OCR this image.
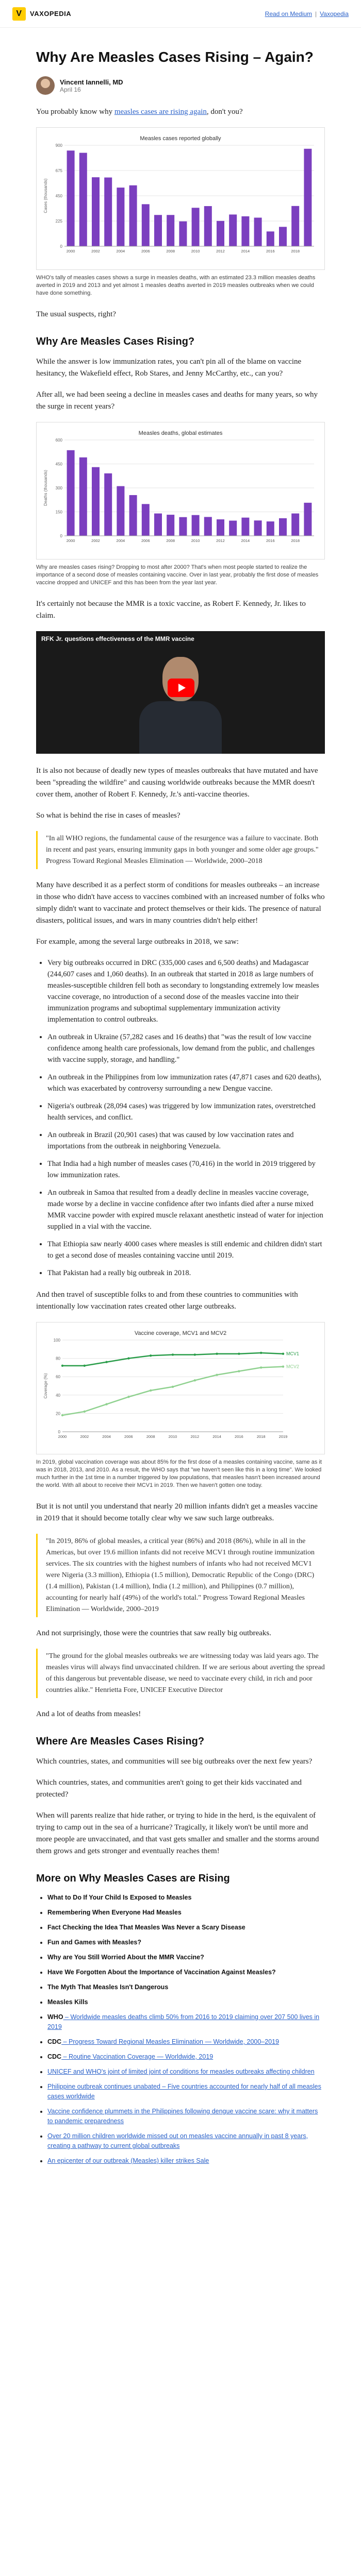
V	VAXOPEDIA	Read on Medium | Vaxopedia
Why Are Measles Cases Rising – Again?
Vincent Iannelli, MD
April 16

You probably know why measles cases are rising again, don't you?

Measles cases reported globally
0
225
450
675
900
Cases (thousands)
2000	2002	2004	2006	2008	2010	2012	2014	2016	2018
WHO's tally of measles cases shows a surge in measles deaths, with an estimated 23.3 million measles deaths averted in 2019 and 2013 and yet almost 1 measles deaths averted in 2019 measles outbreaks when we could have done something.

The usual suspects, right?

Why Are Measles Cases Rising?

While the answer is low immunization rates, you can't pin all of the blame on vaccine hesitancy, the Wakefield effect, Rob Stares, and Jenny McCarthy, etc., can you?

After all, we had been seeing a decline in measles cases and deaths for many years, so why the surge in recent years?

Measles deaths, global estimates
0
150
300
450
600
Deaths (thousands)
2000	2002	2004	2006	2008	2010	2012	2014	2016	2018
Why are measles cases rising? Dropping to most after 2000? That's when most people started to realize the importance of a second dose of measles containing vaccine. Over in last year, probably the first dose of measles vaccine dropped and UNICEF and this has been from the year last year.

It's certainly not because the MMR is a toxic vaccine, as Robert F. Kennedy, Jr. likes to claim.

RFK Jr. questions effectiveness of the MMR vaccine

It is also not because of deadly new types of measles outbreaks that have mutated and have been "spreading the wildfire" and causing worldwide outbreaks because the MMR doesn't cover them, another of Robert F. Kennedy, Jr.'s anti-vaccine theories.

So what is behind the rise in cases of measles?

"In all WHO regions, the fundamental cause of the resurgence was a failure to vaccinate. Both in recent and past years, ensuring immunity gaps in both younger and some older age groups." Progress Toward Regional Measles Elimination — Worldwide, 2000–2018

Many have described it as a perfect storm of conditions for measles outbreaks – an increase in those who didn't have access to vaccines combined with an increased number of folks who simply didn't want to vaccinate and protect themselves or their kids. The presence of natural disasters, political issues, and wars in many countries didn't help either!

For example, among the several large outbreaks in 2018, we saw:

• Very big outbreaks occurred in DRC (335,000 cases and 6,500 deaths) and Madagascar (244,607 cases and 1,060 deaths). In an outbreak that started in 2018 as large numbers of measles-susceptible children fell both as secondary to longstanding extremely low measles vaccine coverage, no introduction of a second dose of the measles vaccine into their immunization programs and suboptimal supplementary immunization activity implementation to control outbreaks.
• An outbreak in Ukraine (57,282 cases and 16 deaths) that "was the result of low vaccine confidence among health care professionals, low demand from the public, and challenges with vaccine supply, storage, and handling."
• An outbreak in the Philippines from low immunization rates (47,871 cases and 620 deaths), which was exacerbated by controversy surrounding a new Dengue vaccine.
• Nigeria's outbreak (28,094 cases) was triggered by low immunization rates, overstretched health services, and conflict.
• An outbreak in Brazil (20,901 cases) that was caused by low vaccination rates and importations from the outbreak in neighboring Venezuela.
• That India had a high number of measles cases (70,416) in the world in 2019 triggered by low immunization rates.
• An outbreak in Samoa that resulted from a deadly decline in measles vaccine coverage, made worse by a decline in vaccine confidence after two infants died after a nurse mixed MMR vaccine powder with expired muscle relaxant anesthetic instead of water for injection supplied in a vial with the vaccine.
• That Ethiopia saw nearly 4000 cases where measles is still endemic and children didn't start to get a second dose of measles containing vaccine until 2019.
• That Pakistan had a really big outbreak in 2018.

And then travel of susceptible folks to and from these countries to communities with intentionally low vaccination rates created other large outbreaks.

Vaccine coverage, MCV1 and MCV2
0
20
40
60
80
100
Coverage (%)
2000	2002	2004	2006	2008	2010	2012	2014	2016	2018	2019
MCV1
MCV2
In 2019, global vaccination coverage was about 85% for the first dose of a measles containing vaccine, same as it was in 2018, 2013, and 2010. As a result, the WHO says that "we haven't seen like this in a long time". We looked much further in the 1st time in a number triggered by low populations, that measles hasn't been increased around the world. With all about to receive their MCV1 in 2019. Then we haven't gotten one today.

But it is not until you understand that nearly 20 million infants didn't get a measles vaccine in 2019 that it should become totally clear why we saw such large outbreaks.

"In 2019, 86% of global measles, a critical year (86%) and 2018 (86%), while in all in the Americas, but over 19.6 million infants did not receive MCV1 through routine immunization services. The six countries with the highest numbers of infants who had not received MCV1 were Nigeria (3.3 million), Ethiopia (1.5 million), Democratic Republic of the Congo (DRC) (1.4 million), Pakistan (1.4 million), India (1.2 million), and Philippines (0.7 million), accounting for nearly half (49%) of the world's total." Progress Toward Regional Measles Elimination — Worldwide, 2000–2019

And not surprisingly, those were the countries that saw really big outbreaks.

"The ground for the global measles outbreaks we are witnessing today was laid years ago. The measles virus will always find unvaccinated children. If we are serious about averting the spread of this dangerous but preventable disease, we need to vaccinate every child, in rich and poor countries alike." Henrietta Fore, UNICEF Executive Director

And a lot of deaths from measles!

Where Are Measles Cases Rising?

Which countries, states, and communities will see big outbreaks over the next few years?

Which countries, states, and communities aren't going to get their kids vaccinated and protected?

When will parents realize that hide rather, or trying to hide in the herd, is the equivalent of trying to camp out in the sea of a hurricane? Tragically, it likely won't be until more and more people are unvaccinated, and that vast gets smaller and smaller and the storms around them grows and gets stronger and eventually reaches them!

More on Why Measles Cases are Rising
• What to Do If Your Child Is Exposed to Measles
• Remembering When Everyone Had Measles
• Fact Checking the Idea That Measles Was Never a Scary Disease
• Fun and Games with Measles?
• Why are You Still Worried About the MMR Vaccine?
• Have We Forgotten About the Importance of Vaccination Against Measles?
• The Myth That Measles Isn't Dangerous
• Measles Kills
• WHO – Worldwide measles deaths climb 50% from 2016 to 2019 claiming over 207 500 lives in 2019
• CDC – Progress Toward Regional Measles Elimination — Worldwide, 2000–2019
• CDC – Routine Vaccination Coverage — Worldwide, 2019
• UNICEF and WHO's joint of limited joint of conditions for measles outbreaks affecting children
• Philippine outbreak continues unabated – Five countries accounted for nearly half of all measles cases worldwide
• Vaccine confidence plummets in the Philippines following dengue vaccine scare: why it matters to pandemic preparedness
• Over 20 million children worldwide missed out on measles vaccine annually in past 8 years, creating a pathway to current global outbreaks
• An epicenter of our outbreak (Measles) killer strikes Sale
